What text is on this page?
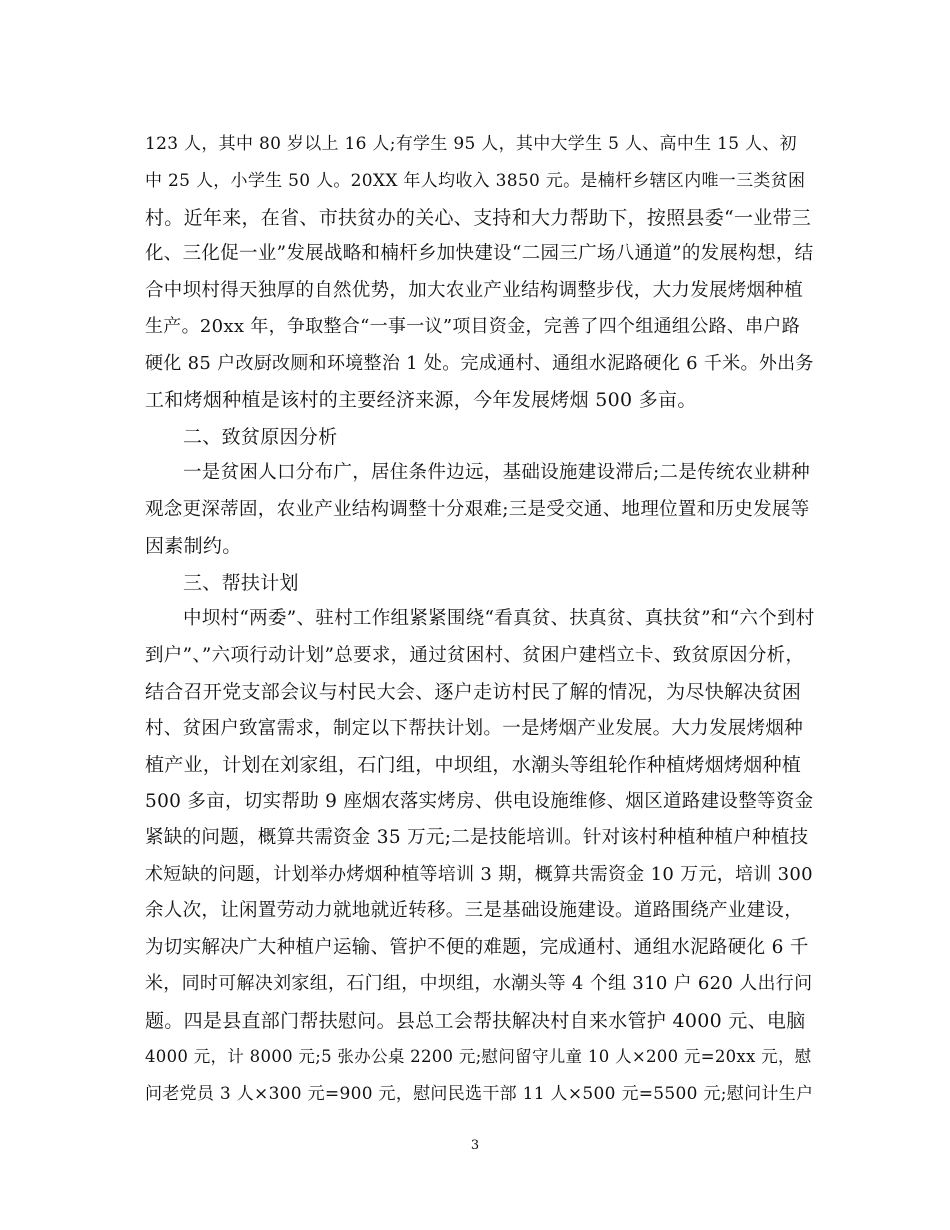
123 人，其中 80 岁以上 16 人;有学生 95 人，其中大学生 5 人、高中生 15 人、初
中 25 人，小学生 50 人。20XX 年人均收入 3850 元。是楠杆乡辖区内唯一三类贫困
村。近年来，在省、市扶贫办的关心、支持和大力帮助下，按照县委“一业带三
化、三化促一业”发展战略和楠杆乡加快建设“二园三广场八通道”的发展构想，结
合中坝村得天独厚的自然优势，加大农业产业结构调整步伐，大力发展烤烟种植
生产。20xx 年，争取整合“一事一议”项目资金，完善了四个组通组公路、串户路
硬化 85 户改厨改厕和环境整治 1 处。完成通村、通组水泥路硬化 6 千米。外出务
工和烤烟种植是该村的主要经济来源，今年发展烤烟 500 多亩。
二、致贫原因分析
一是贫困人口分布广，居住条件边远，基础设施建设滞后;二是传统农业耕种
观念更深蒂固，农业产业结构调整十分艰难;三是受交通、地理位置和历史发展等
因素制约。
三、帮扶计划
中坝村“两委”、驻村工作组紧紧围绕“看真贫、扶真贫、真扶贫”和“六个到村
到户”、”六项行动计划”总要求，通过贫困村、贫困户建档立卡、致贫原因分析，
结合召开党支部会议与村民大会、逐户走访村民了解的情况，为尽快解决贫困
村、贫困户致富需求，制定以下帮扶计划。一是烤烟产业发展。大力发展烤烟种
植产业，计划在刘家组，石门组，中坝组，水潮头等组轮作种植烤烟烤烟种植
500 多亩，切实帮助 9 座烟农落实烤房、供电设施维修、烟区道路建设整等资金
紧缺的问题，概算共需资金 35 万元;二是技能培训。针对该村种植种植户种植技
术短缺的问题，计划举办烤烟种植等培训 3 期，概算共需资金 10 万元，培训 300
余人次，让闲置劳动力就地就近转移。三是基础设施建设。道路围绕产业建设，
为切实解决广大种植户运输、管护不便的难题，完成通村、通组水泥路硬化 6 千
米，同时可解决刘家组，石门组，中坝组，水潮头等 4 个组 310 户 620 人出行问
题。四是县直部门帮扶慰问。县总工会帮扶解决村自来水管护 4000 元、电脑
4000 元，计 8000 元;5 张办公桌 2200 元;慰问留守儿童 10 人×200 元=20xx 元，慰
问老党员 3 人×300 元=900 元，慰问民选干部 11 人×500 元=5500 元;慰问计生户
3
